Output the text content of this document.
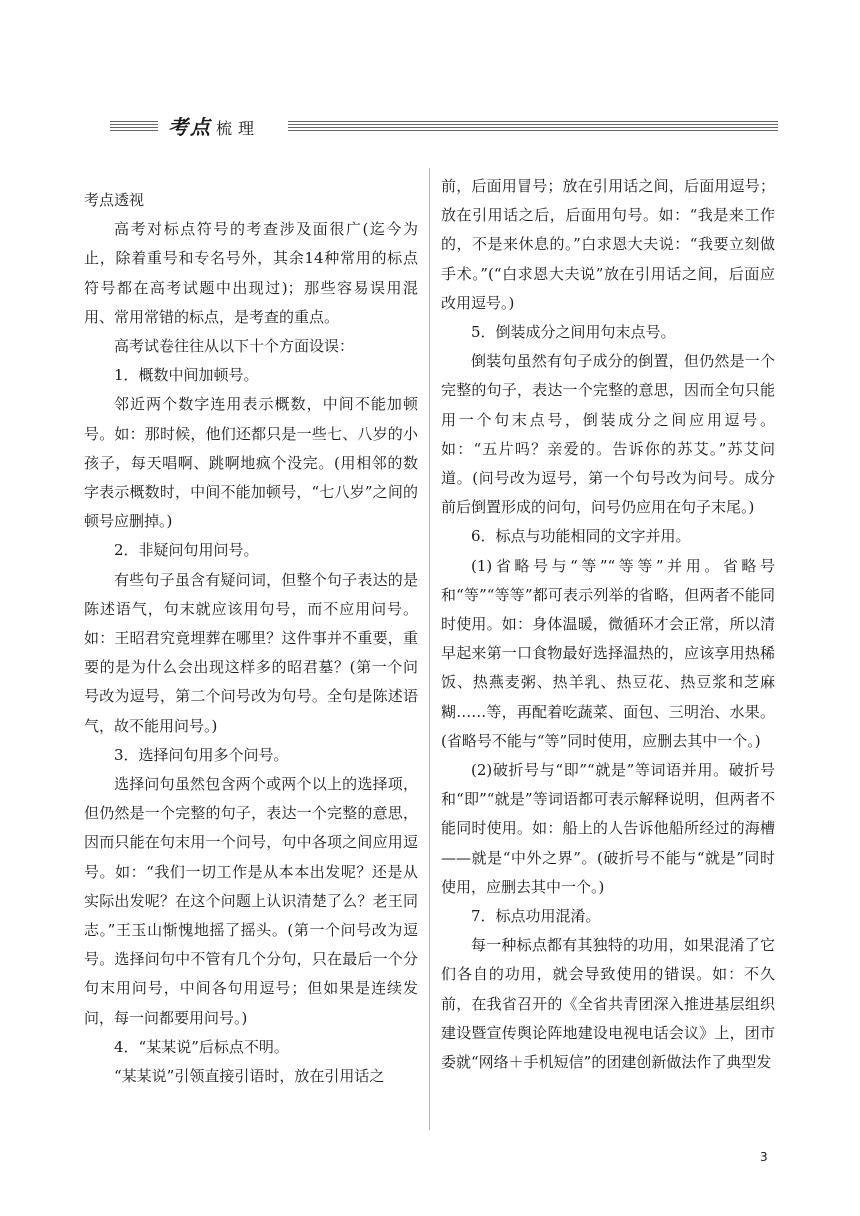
考点 梳理

考点透视

高考对标点符号的考查涉及面很广(迄今为止，除着重号和专名号外，其余14种常用的标点符号都在高考试题中出现过)；那些容易误用混用、常用常错的标点，是考查的重点。

高考试卷往往从以下十个方面设误：

1．概数中间加顿号。

邻近两个数字连用表示概数，中间不能加顿号。如：那时候，他们还都只是一些七、八岁的小孩子，每天唱啊、跳啊地疯个没完。(用相邻的数字表示概数时，中间不能加顿号，“七八岁”之间的顿号应删掉。)

2．非疑问句用问号。

有些句子虽含有疑问词，但整个句子表达的是陈述语气，句末就应该用句号，而不应用问号。如：王昭君究竟埋葬在哪里？这件事并不重要，重要的是为什么会出现这样多的昭君墓？(第一个问号改为逗号，第二个问号改为句号。全句是陈述语气，故不能用问号。)

3．选择问句用多个问号。

选择问句虽然包含两个或两个以上的选择项，但仍然是一个完整的句子，表达一个完整的意思，因而只能在句末用一个问号，句中各项之间应用逗号。如：“我们一切工作是从本本出发呢？还是从实际出发呢？在这个问题上认识清楚了么？老王同志。”王玉山惭愧地摇了摇头。(第一个问号改为逗号。选择问句中不管有几个分句，只在最后一个分句末用问号，中间各句用逗号；但如果是连续发问，每一问都要用问号。)

4．“某某说”后标点不明。

“某某说”引领直接引语时，放在引用话之

前，后面用冒号；放在引用话之间，后面用逗号；放在引用话之后，后面用句号。如：“我是来工作的，不是来休息的。”白求恩大夫说：“我要立刻做手术。”(“白求恩大夫说”放在引用话之间，后面应改用逗号。)

5．倒装成分之间用句末点号。

倒装句虽然有句子成分的倒置，但仍然是一个完整的句子，表达一个完整的意思，因而全句只能用一个句末点号，倒装成分之间应用逗号。如：“五片吗？亲爱的。告诉你的苏艾。”苏艾问道。(问号改为逗号，第一个句号改为问号。成分前后倒置形成的问句，问号仍应用在句子末尾。)

6．标点与功能相同的文字并用。

(1)省略号与“等”“等等”并用。省略号和“等”“等等”都可表示列举的省略，但两者不能同时使用。如：身体温暖，微循环才会正常，所以清早起来第一口食物最好选择温热的，应该享用热稀饭、热燕麦粥、热羊乳、热豆花、热豆浆和芝麻糊……等，再配着吃蔬菜、面包、三明治、水果。(省略号不能与“等”同时使用，应删去其中一个。)

(2)破折号与“即”“就是”等词语并用。破折号和“即”“就是”等词语都可表示解释说明，但两者不能同时使用。如：船上的人告诉他船所经过的海槽——就是“中外之界”。(破折号不能与“就是”同时使用，应删去其中一个。)

7．标点功用混淆。

每一种标点都有其独特的功用，如果混淆了它们各自的功用，就会导致使用的错误。如：不久前，在我省召开的《全省共青团深入推进基层组织建设暨宣传舆论阵地建设电视电话会议》上，团市委就“网络＋手机短信”的团建创新做法作了典型发

3
